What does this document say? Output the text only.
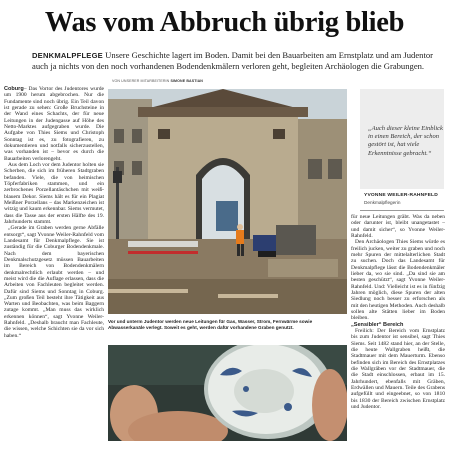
Was vom Abbruch übrig blieb

DENKMALPFLEGE Unsere Geschichte lagert im Boden. Damit bei den Bauarbeiten am Ernstplatz und am Judentor auch ja nichts von den noch vorhandenen Bodendenkmälern verloren geht, begleiten Archäologen die Grabungen.

VON UNSERER MITARBEITERIN SIMONE BASTIAN

Coburg– Das Vortor des Judentores wurde um 1900 herum abgebrochen. Nur die Fundamente sind noch übrig. Ein Teil davon ist gerade zu sehen: Große Bruchsteine in der Wand eines Schachts, der für neue Leitungen in der Judengasse auf Höhe des Netto-Marktes aufgegraben wurde. Die Aufgabe von Thies Siems und Christoph Sonntag ist es, zu fotografieren, zu dokumentieren und notfalls sicherzustellen, was vorhanden ist – bevor es durch die Bauarbeiten verlorengeht.

Aus dem Loch vor dem Judentor holten sie Scherben, die sich im früheren Stadtgraben befanden. Viele, die von heimischen Töpferfabriken stammen, und ein zerbrochenes Porzellantäschchen mit weiß-blauem Dekor. Siems hält es für ein Plagiat Meißner Porzellans – das Markenzeichen ist witzig und kaum erkennbar. Siems vermutet, dass die Tasse aus der ersten Hälfte des 19. Jahrhunderts stammt.

„Gerade im Graben werden gerne Abfälle entsorgt“, sagt Yvonne Weiler-Rahnfeld vom Landesamt für Denkmalpflege. Sie ist zuständig für die Coburger Bodendenkmale. Nach dem bayerischen Denkmalschutzgesetz müssen Bauarbeiten im Bereich von Bodendenkmälern denkmalrechtlich erlaubt werden – und meist wird die die Auflage erlassen, dass die Arbeiten von Fachleuten begleitet werden. Dafür sind Siems und Sonntag in Coburg. „Zum großen Teil besteht ihre Tätigkeit aus Warten und Beobachten, was beim Baggern zutage kommt. „Man muss das wirklich erkennen können“, sagt Yvonne Weiler-Rahnfeld. „Deshalb braucht man Fachleute, die wissen, welche Schichten sie da vor sich haben.“

Vor und unterm Judentor werden neue Leitungen für Gas, Wasser, Strom, Fernwärme sowie Abwasserkanäle verlegt. Soweit es geht, werden dafür vorhandene Graben genutzt.

„Auch dieser kleine Einblick in einen Bereich, der schon gestört ist, hat viele Erkenntnisse gebracht.“

YVONNE WEILER-RAHNFELD
Denkmalpflegerin

für neue Leitungen gräbt. Was da neben oder darunter ist, bleibt unangetastet – und damit sicher“, so Yvonne Weiler-Rahnfeld.

Den Archäologen Thies Siems würde es freilich jucken, weiter zu graben und noch mehr Spuren der mittelalterlichen Stadt zu suchen. Doch das Landesamt für Denkmalpflege lässt die Bodendenkmäler lieber da, wo sie sind. „Da sind sie am besten geschützt“, sagt Yvonne Weiler-Rahnfeld. Und: Vielleicht ist es in fünfzig Jahren möglich, diese Spuren der alten Siedlung noch besser zu erforschen als mit den heutigen Methoden. Auch deshalb sollen alte Stätten lieber im Boden bleiben.

„Sensibler“ Bereich

Freilich: Der Bereich vom Ernstplatz bis zum Judentor ist sensibel, sagt Thies Siems. Seit 1482 stand hier, an der Stelle, die heute Wallgraben heißt, die Stadtmauer mit dem Mauerturm. Ebenso befinden sich im Bereich des Ernstplatzes die Wallgräben vor der Stadtmauer, die die Stadt einschlossen, erbaut im 15. Jahrhundert, ebenfalls mit Gräben, Erdwällen und Mauern. Teile des Grabens aufgefüllt und eingeebnet, so von 1810 bis 1830 der Bereich zwischen Ernstplatz und Judentor.
